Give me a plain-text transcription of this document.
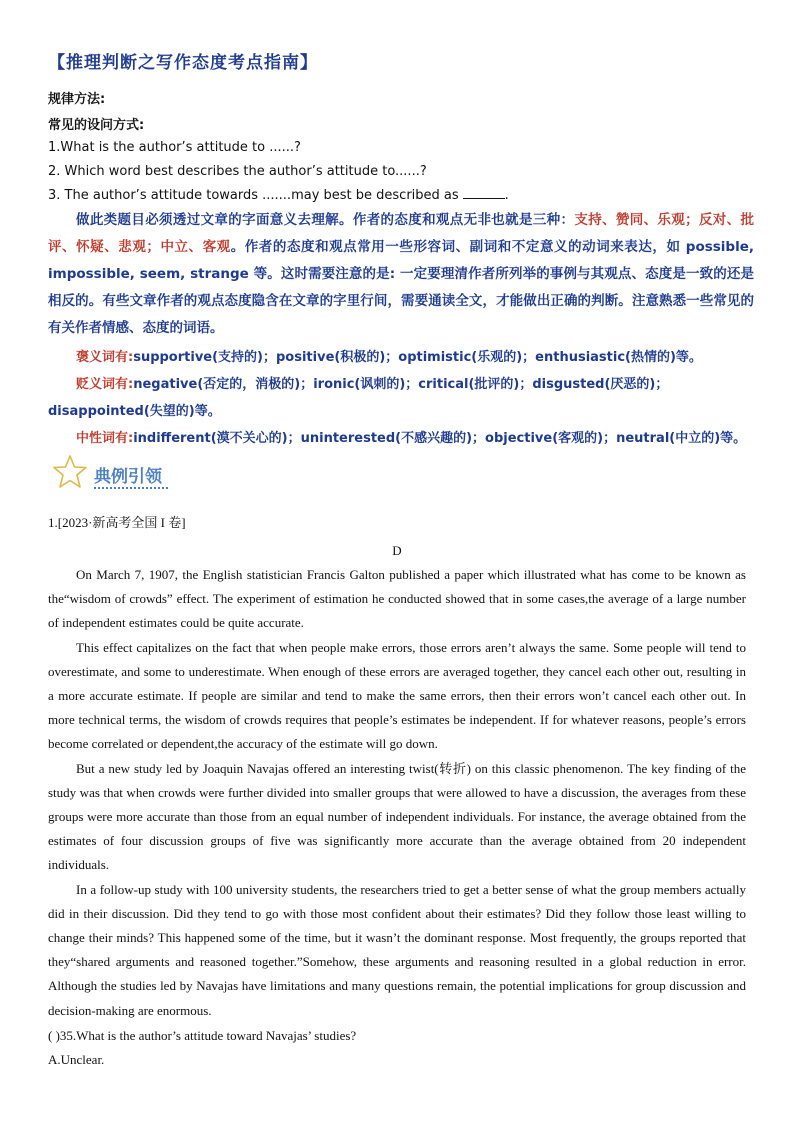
【推理判断之写作态度考点指南】
规律方法:
常见的设问方式:
1.What is the author’s attitude to ......?
2. Which word best describes the author’s attitude to......?
3. The author’s attitude towards .......may best be described as	.
做此类题目必须透过文章的字面意义去理解。作者的态度和观点无非也就是三种：支持、赞同、乐观；反对、批评、怀疑、悲观；中立、客观。作者的态度和观点常用一些形容词、副词和不定意义的动词来表达，如 possible, impossible, seem, strange 等。这时需要注意的是: 一定要理清作者所列举的事例与其观点、态度是一致的还是相反的。有些文章作者的观点态度隐含在文章的字里行间，需要通读全文，才能做出正确的判断。注意熟悉一些常见的有关作者情感、态度的词语。
褒义词有:supportive(支持的)；positive(积极的)；optimistic(乐观的)；enthusiastic(热情的)等。
贬义词有:negative(否定的，消极的)；ironic(讽刺的)；critical(批评的)；disgusted(厌恶的)；disappointed(失望的)等。
中性词有:indifferent(漠不关心的)；uninterested(不感兴趣的)；objective(客观的)；neutral(中立的)等。
典例引领
1.[2023·新高考全国 I 卷]
D

On March 7, 1907, the English statistician Francis Galton published a paper which illustrated what has come to be known as the“wisdom of crowds” effect. The experiment of estimation he conducted showed that in some cases,the average of a large number of independent estimates could be quite accurate.

This effect capitalizes on the fact that when people make errors, those errors aren’t always the same. Some people will tend to overestimate, and some to underestimate. When enough of these errors are averaged together, they cancel each other out, resulting in a more accurate estimate. If people are similar and tend to make the same errors, then their errors won’t cancel each other out. In more technical terms, the wisdom of crowds requires that people’s estimates be independent. If for whatever reasons, people’s errors become correlated or dependent,the accuracy of the estimate will go down.

But a new study led by Joaquin Navajas offered an interesting twist(转折) on this classic phenomenon. The key finding of the study was that when crowds were further divided into smaller groups that were allowed to have a discussion, the averages from these groups were more accurate than those from an equal number of independent individuals. For instance, the average obtained from the estimates of four discussion groups of five was significantly more accurate than the average obtained from 20 independent individuals.

In a follow-up study with 100 university students, the researchers tried to get a better sense of what the group members actually did in their discussion. Did they tend to go with those most confident about their estimates? Did they follow those least willing to change their minds? This happened some of the time, but it wasn’t the dominant response. Most frequently, the groups reported that they“shared arguments and reasoned together.”Somehow, these arguments and reasoning resulted in a global reduction in error. Although the studies led by Navajas have limitations and many questions remain, the potential implications for group discussion and decision-making are enormous.

( )35.What is the author’s attitude toward Navajas’ studies?
A.Unclear.
